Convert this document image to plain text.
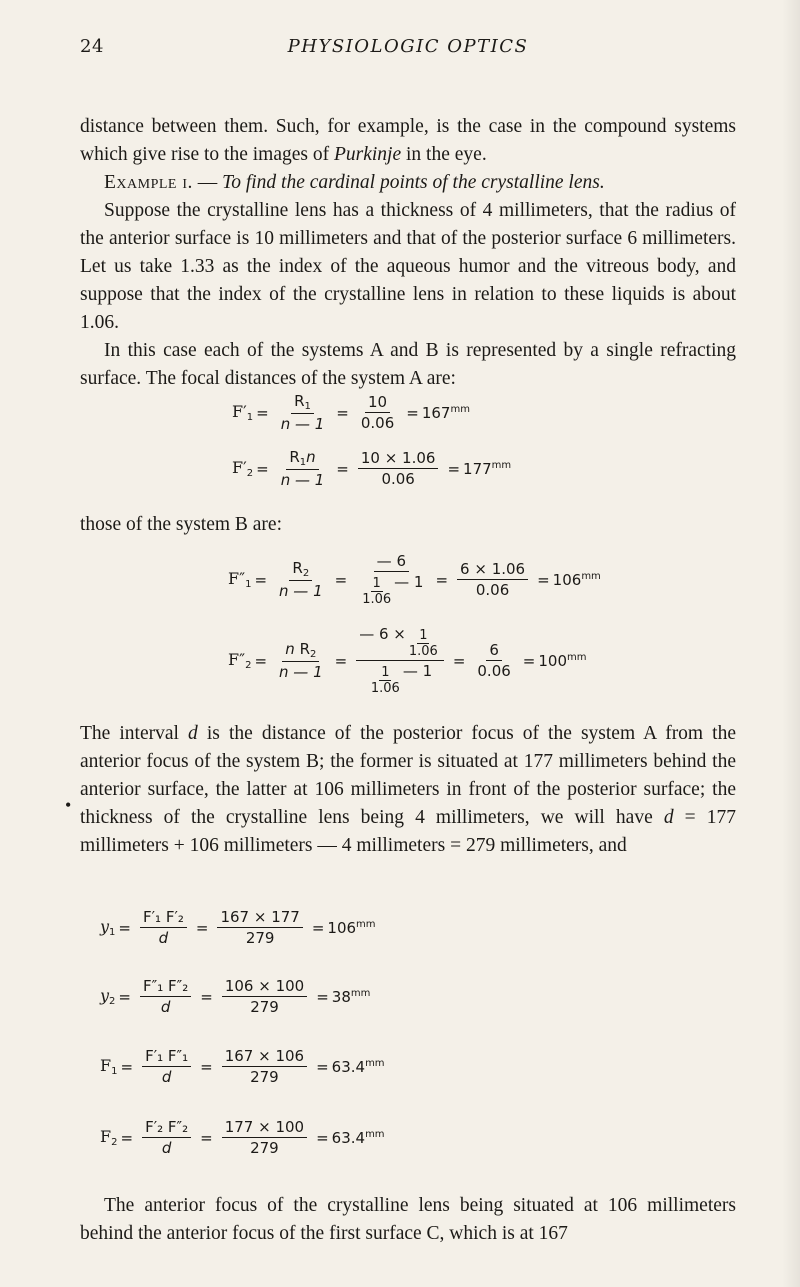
24	PHYSIOLOGIC OPTICS
distance between them. Such, for example, is the case in the compound systems which give rise to the images of Purkinje in the eye.
Example i. — To find the cardinal points of the crystalline lens.
Suppose the crystalline lens has a thickness of 4 millimeters, that the radius of the anterior surface is 10 millimeters and that of the posterior surface 6 millimeters. Let us take 1.33 as the index of the aqueous humor and the vitreous body, and suppose that the index of the crystalline lens in relation to these liquids is about 1.06.
In this case each of the systems A and B is represented by a single refracting surface. The focal distances of the system A are:
$F'_1 = \frac{R_1}{n — 1} = \frac{10}{0.06} = 167^{mm}$
$F'_2 = \frac{R_1n}{n — 1} = \frac{10 \times 1.06}{0.06} = 177^{mm}$
those of the system B are:
$F''_1 = \frac{R_2}{n — 1} = \frac{— 6}{\frac{1}{1.06} — 1} = \frac{6 \times 1.06}{0.06} = 106^{mm}$
$F''_2 = \frac{n R_2}{n — 1} = \frac{— 6 \times \frac{1}{1.06}}{\frac{1}{1.06} — 1} = \frac{6}{0.06} = 100^{mm}$
The interval d is the distance of the posterior focus of the system A from the anterior focus of the system B; the former is situated at 177 millimeters behind the anterior surface, the latter at 106 millimeters in front of the posterior surface; the thickness of the crystalline lens being 4 millimeters, we will have d = 177 millimeters + 106 millimeters — 4 millimeters = 279 millimeters, and
•
$y_1 = \frac{\text{F′₁ F′₂}}{d} = \frac{167 \times 177}{279} = 106^{mm}$
$y_2 = \frac{\text{F″₁ F″₂}}{d} = \frac{106 \times 100}{279} = 38^{mm}$
$F_1 = \frac{\text{F′₁ F″₁}}{d} = \frac{167 \times 106}{279} = 63.4^{mm}$
$F_2 = \frac{\text{F′₂ F″₂}}{d} = \frac{177 \times 100}{279} = 63.4^{mm}$
The anterior focus of the crystalline lens being situated at 106 millimeters behind the anterior focus of the first surface C, which is at 167
